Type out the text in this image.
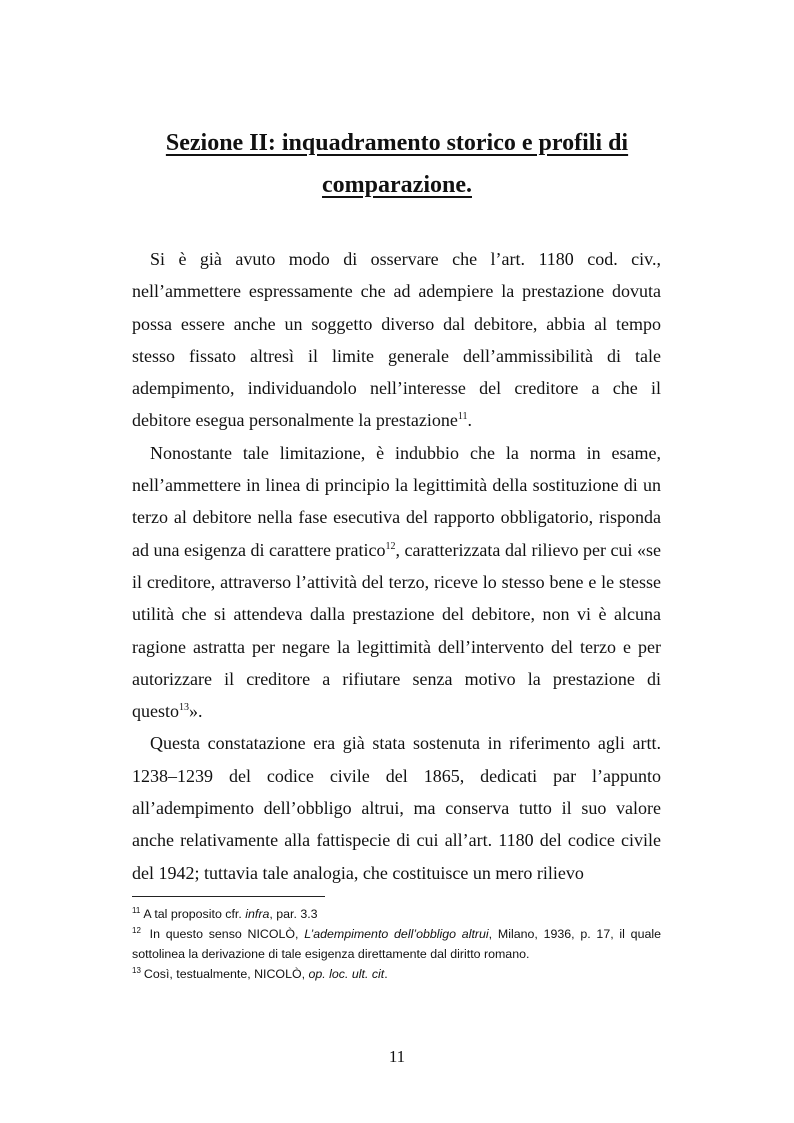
Sezione II: inquadramento storico e profili di
comparazione.

Si è già avuto modo di osservare che l’art. 1180 cod. civ., nell’ammettere espressamente che ad adempiere la prestazione dovuta possa essere anche un soggetto diverso dal debitore, abbia al tempo stesso fissato altresì il limite generale dell’ammissibilità di tale adempimento, individuandolo nell’interesse del creditore a che il debitore esegua personalmente la prestazione$^{11}$.

Nonostante tale limitazione, è indubbio che la norma in esame, nell’ammettere in linea di principio la legittimità della sostituzione di un terzo al debitore nella fase esecutiva del rapporto obbligatorio, risponda ad una esigenza di carattere pratico$^{12}$, caratterizzata dal rilievo per cui «se il creditore, attraverso l’attività del terzo, riceve lo stesso bene e le stesse utilità che si attendeva dalla prestazione del debitore, non vi è alcuna ragione astratta per negare la legittimità dell’intervento del terzo e per autorizzare il creditore a rifiutare senza motivo la prestazione di questo$^{13}$».

Questa constatazione era già stata sostenuta in riferimento agli artt. 1238–1239 del codice civile del 1865, dedicati par l’appunto all’adempimento dell’obbligo altrui, ma conserva tutto il suo valore anche relativamente alla fattispecie di cui all’art. 1180 del codice civile del 1942; tuttavia tale analogia, che costituisce un mero rilievo

$^{11}$ A tal proposito cfr. infra, par. 3.3

$^{12}$ In questo senso NICOLÒ, L’adempimento dell’obbligo altrui, Milano, 1936, p. 17, il quale sottolinea la derivazione di tale esigenza direttamente dal diritto romano.

$^{13}$ Così, testualmente, NICOLÒ, op. loc. ult. cit.

11
